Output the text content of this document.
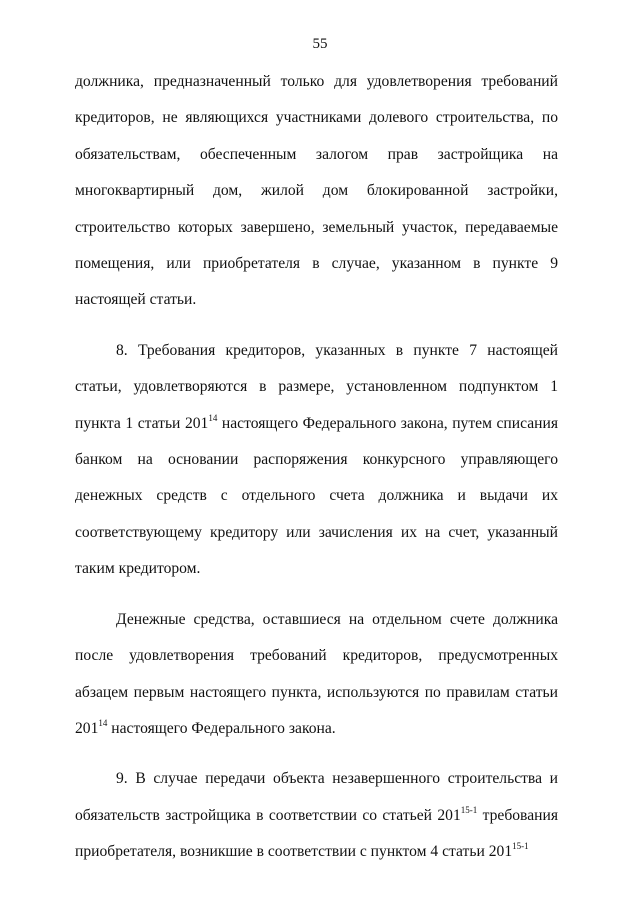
55

должника, предназначенный только для удовлетворения требований кредиторов, не являющихся участниками долевого строительства, по обязательствам, обеспеченным залогом прав застройщика на многоквартирный дом, жилой дом блокированной застройки, строительство которых завершено, земельный участок, передаваемые помещения, или приобретателя в случае, указанном в пункте 9 настоящей статьи.

8. Требования кредиторов, указанных в пункте 7 настоящей статьи, удовлетворяются в размере, установленном подпунктом 1 пункта 1 статьи $201^{14}$ настоящего Федерального закона, путем списания банком на основании распоряжения конкурсного управляющего денежных средств с отдельного счета должника и выдачи их соответствующему кредитору или зачисления их на счет, указанный таким кредитором.

Денежные средства, оставшиеся на отдельном счете должника после удовлетворения требований кредиторов, предусмотренных абзацем первым настоящего пункта, используются по правилам статьи $201^{14}$ настоящего Федерального закона.

9. В случае передачи объекта незавершенного строительства и обязательств застройщика в соответствии со статьей 201$^{15-1}$ требования приобретателя, возникшие в соответствии с пунктом 4 статьи 201$^{15-1}$
